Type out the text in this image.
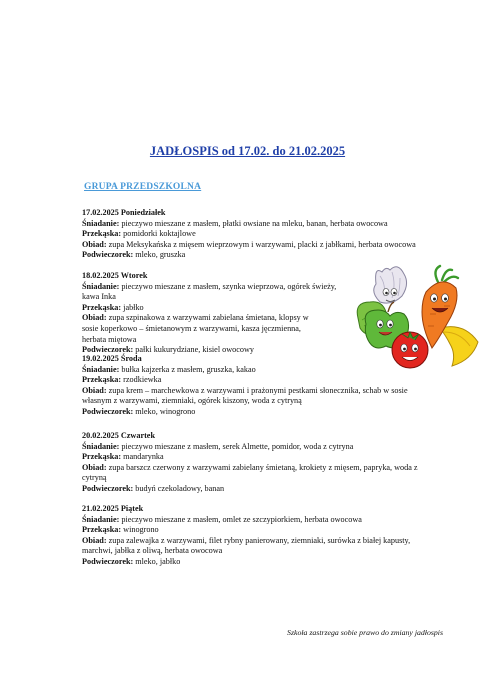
JADŁOSPIS od 17.02. do 21.02.2025
GRUPA PRZEDSZKOLNA
17.02.2025 Poniedziałek
Śniadanie: pieczywo mieszane z masłem, płatki owsiane na mleku, banan, herbata owocowa
Przekąska: pomidorki koktajlowe
Obiad: zupa Meksykańska z mięsem wieprzowym i warzywami, placki z jabłkami, herbata owocowa
Podwieczorek: mleko, gruszka
18.02.2025 Wtorek
Śniadanie: pieczywo mieszane z masłem, szynka wieprzowa, ogórek świeży,
kawa Inka
Przekąska: jabłko
Obiad: zupa szpinakowa z warzywami zabielana śmietana, klopsy w
sosie koperkowo – śmietanowym z warzywami, kasza jęczmienna,
herbata miętowa
Podwieczorek: pałki kukurydziane, kisiel owocowy
19.02.2025 Środa
Śniadanie: bułka kajzerka z masłem, gruszka, kakao
Przekąska: rzodkiewka
Obiad: zupa krem – marchewkowa z warzywami i prażonymi pestkami słonecznika, schab w sosie
własnym z warzywami, ziemniaki, ogórek kiszony, woda z cytryną
Podwieczorek: mleko, winogrono
20.02.2025 Czwartek
Śniadanie: pieczywo mieszane z masłem, serek Almette, pomidor, woda z cytryna
Przekąska: mandarynka
Obiad: zupa barszcz czerwony z warzywami zabielany śmietaną, krokiety z mięsem, papryka, woda z
cytryną
Podwieczorek: budyń czekoladowy, banan
21.02.2025 Piątek
Śniadanie: pieczywo mieszane z masłem, omlet ze szczypiorkiem, herbata owocowa
Przekąska: winogrono
Obiad: zupa zalewajka z warzywami, filet rybny panierowany, ziemniaki, surówka z białej kapusty,
marchwi, jabłka z oliwą, herbata owocowa
Podwieczorek: mleko, jabłko

Szkoła zastrzega sobie prawo do zmiany jadłospis
